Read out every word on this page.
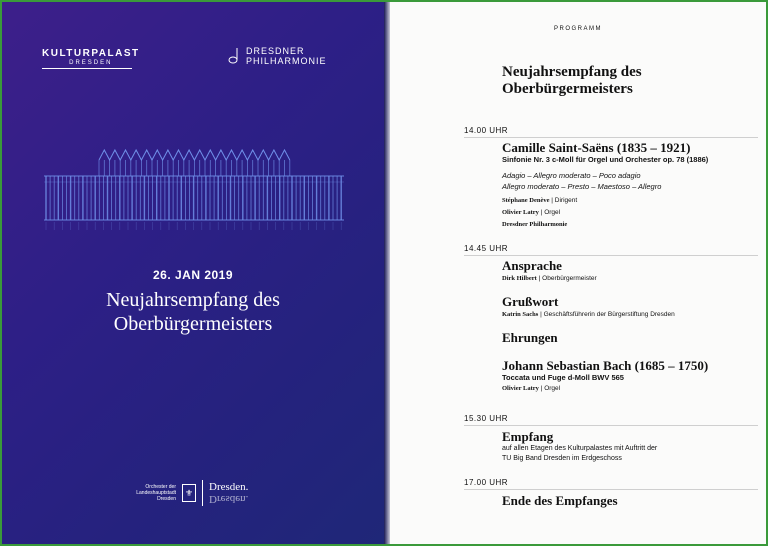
KULTURPALAST
DRESDEN
DRESDNER
PHILHARMONIE
26. JAN 2019
Neujahrsempfang des
Oberbürgermeisters
Orchester der
Landeshauptstadt
Dresden
⚜ Dresden.
Dresden.
PROGRAMM
Neujahrsempfang des
Oberbürgermeisters
14.00 UHR
Camille Saint-Saëns (1835 – 1921)
Sinfonie Nr. 3 c-Moll für Orgel und Orchester op. 78 (1886)
Adagio – Allegro moderato – Poco adagio
Allegro moderato – Presto – Maestoso – Allegro
Stéphane Denève | Dirigent
Olivier Latry | Orgel
Dresdner Philharmonie
14.45 UHR
Ansprache
Dirk Hilbert | Oberbürgermeister
Grußwort
Katrin Sachs | Geschäftsführerin der Bürgerstiftung Dresden
Ehrungen
Johann Sebastian Bach (1685 – 1750)
Toccata und Fuge d-Moll BWV 565
Olivier Latry | Orgel
15.30 UHR
Empfang
auf allen Etagen des Kulturpalastes mit Auftritt der
TU Big Band Dresden im Erdgeschoss
17.00 UHR
Ende des Empfanges
